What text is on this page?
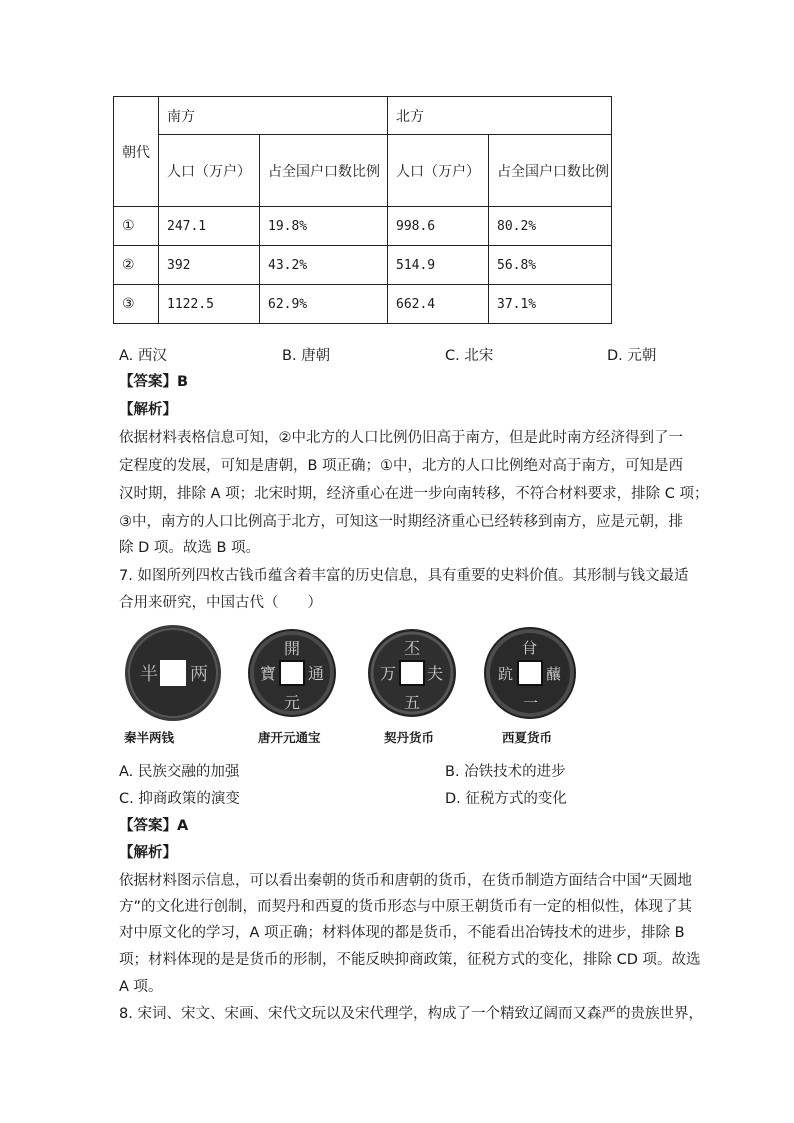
朝代	南方		北方	
	人口（万户）	占全国户口数比例	人口（万户）	占全国户口数比例
①	247.1	19.8%	998.6	80.2%
②	392	43.2%	514.9	56.8%
③	1122.5	62.9%	662.4	37.1%
A. 西汉	B. 唐朝	C. 北宋	D. 元朝
【答案】B
【解析】
依据材料表格信息可知，②中北方的人口比例仍旧高于南方，但是此时南方经济得到了一
定程度的发展，可知是唐朝，B 项正确；①中，北方的人口比例绝对高于南方，可知是西
汉时期，排除 A 项；北宋时期，经济重心在进一步向南转移，不符合材料要求，排除 C 项；
③中，南方的人口比例高于北方，可知这一时期经济重心已经转移到南方，应是元朝，排
除 D 项。故选 B 项。
7. 如图所列四枚古钱币蕴含着丰富的历史信息，具有重要的史料价值。其形制与钱文最适
合用来研究，中国古代（　　）
半 两
開
元
通
寶
丕
夫
万
五
䏌
䖆
䟘
一
秦半两钱	唐开元通宝	契丹货币	西夏货币
A. 民族交融的加强	B. 冶铁技术的进步
C. 抑商政策的演变	D. 征税方式的变化
【答案】A
【解析】
依据材料图示信息，可以看出秦朝的货币和唐朝的货币，在货币制造方面结合中国“天圆地
方”的文化进行创制，而契丹和西夏的货币形态与中原王朝货币有一定的相似性，体现了其
对中原文化的学习，A 项正确；材料体现的都是货币，不能看出冶铸技术的进步，排除 B
项；材料体现的是是货币的形制，不能反映抑商政策，征税方式的变化，排除 CD 项。故选
A 项。
8. 宋词、宋文、宋画、宋代文玩以及宋代理学，构成了一个精致辽阔而又森严的贵族世界，
